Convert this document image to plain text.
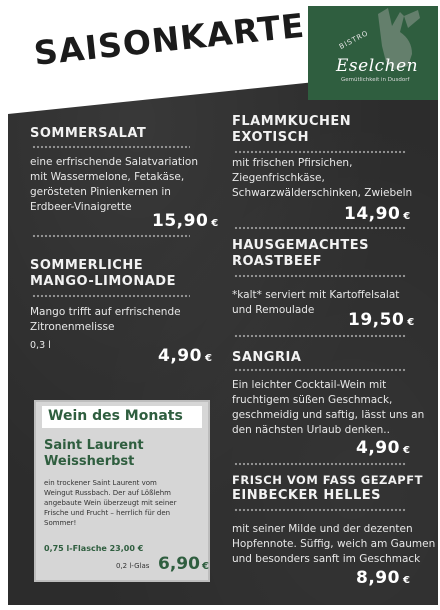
SAISONKARTE	BISTRO
Eselchen
Gemütlichkeit in Dusdorf
SOMMERSALAT
eine erfrischende Salatvariation
mit Wassermelone, Fetakäse,
gerösteten Pinienkernen in
Erdbeer-Vinaigrette
15,90 €
SOMMERLICHE
MANGO-LIMONADE
Mango trifft auf erfrischende
Zitronenmelisse
0,3 l
4,90 €
Wein des Monats
Saint Laurent
Weissherbst
ein trockener Saint Laurent vom
Weingut Russbach. Der auf Lößlehm
angebaute Wein überzeugt mit seiner
Frische und Frucht – herrlich für den
Sommer!
0,75 l-Flasche 23,00 €
0,2 l-Glas 6,90 €
FLAMMKUCHEN
EXOTISCH
mit frischen Pfirsichen,
Ziegenfrischkäse,
Schwarzwälderschinken, Zwiebeln
14,90 €
HAUSGEMACHTES
ROASTBEEF
*kalt* serviert mit Kartoffelsalat
und Remoulade	19,50 €
SANGRIA
Ein leichter Cocktail-Wein mit
fruchtigem süßen Geschmack,
geschmeidig und saftig, lässt uns an
den nächsten Urlaub denken..
4,90 €
FRISCH VOM FASS GEZAPFT
EINBECKER HELLES
mit seiner Milde und der dezenten
Hopfennote. Süffig, weich am Gaumen
und besonders sanft im Geschmack
8,90 €
